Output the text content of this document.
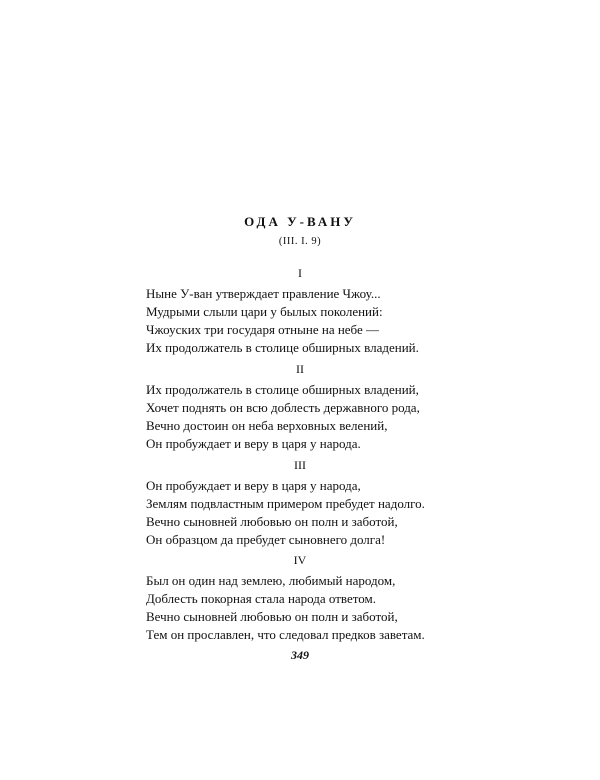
ОДА У-ВАНУ
(III. I. 9)
I
Ныне У-ван утверждает правление Чжоу...
Мудрыми слыли цари у былых поколений:
Чжоуских три государя отныне на небе —
Их продолжатель в столице обширных владений.
II
Их продолжатель в столице обширных владений,
Хочет поднять он всю доблесть державного рода,
Вечно достоин он неба верховных велений,
Он пробуждает и веру в царя у народа.
III
Он пробуждает и веру в царя у народа,
Землям подвластным примером пребудет надолго.
Вечно сыновней любовью он полн и заботой,
Он образцом да пребудет сыновнего долга!
IV
Был он один над землею, любимый народом,
Доблесть покорная стала народа ответом.
Вечно сыновней любовью он полн и заботой,
Тем он прославлен, что следовал предков заветам.
349
